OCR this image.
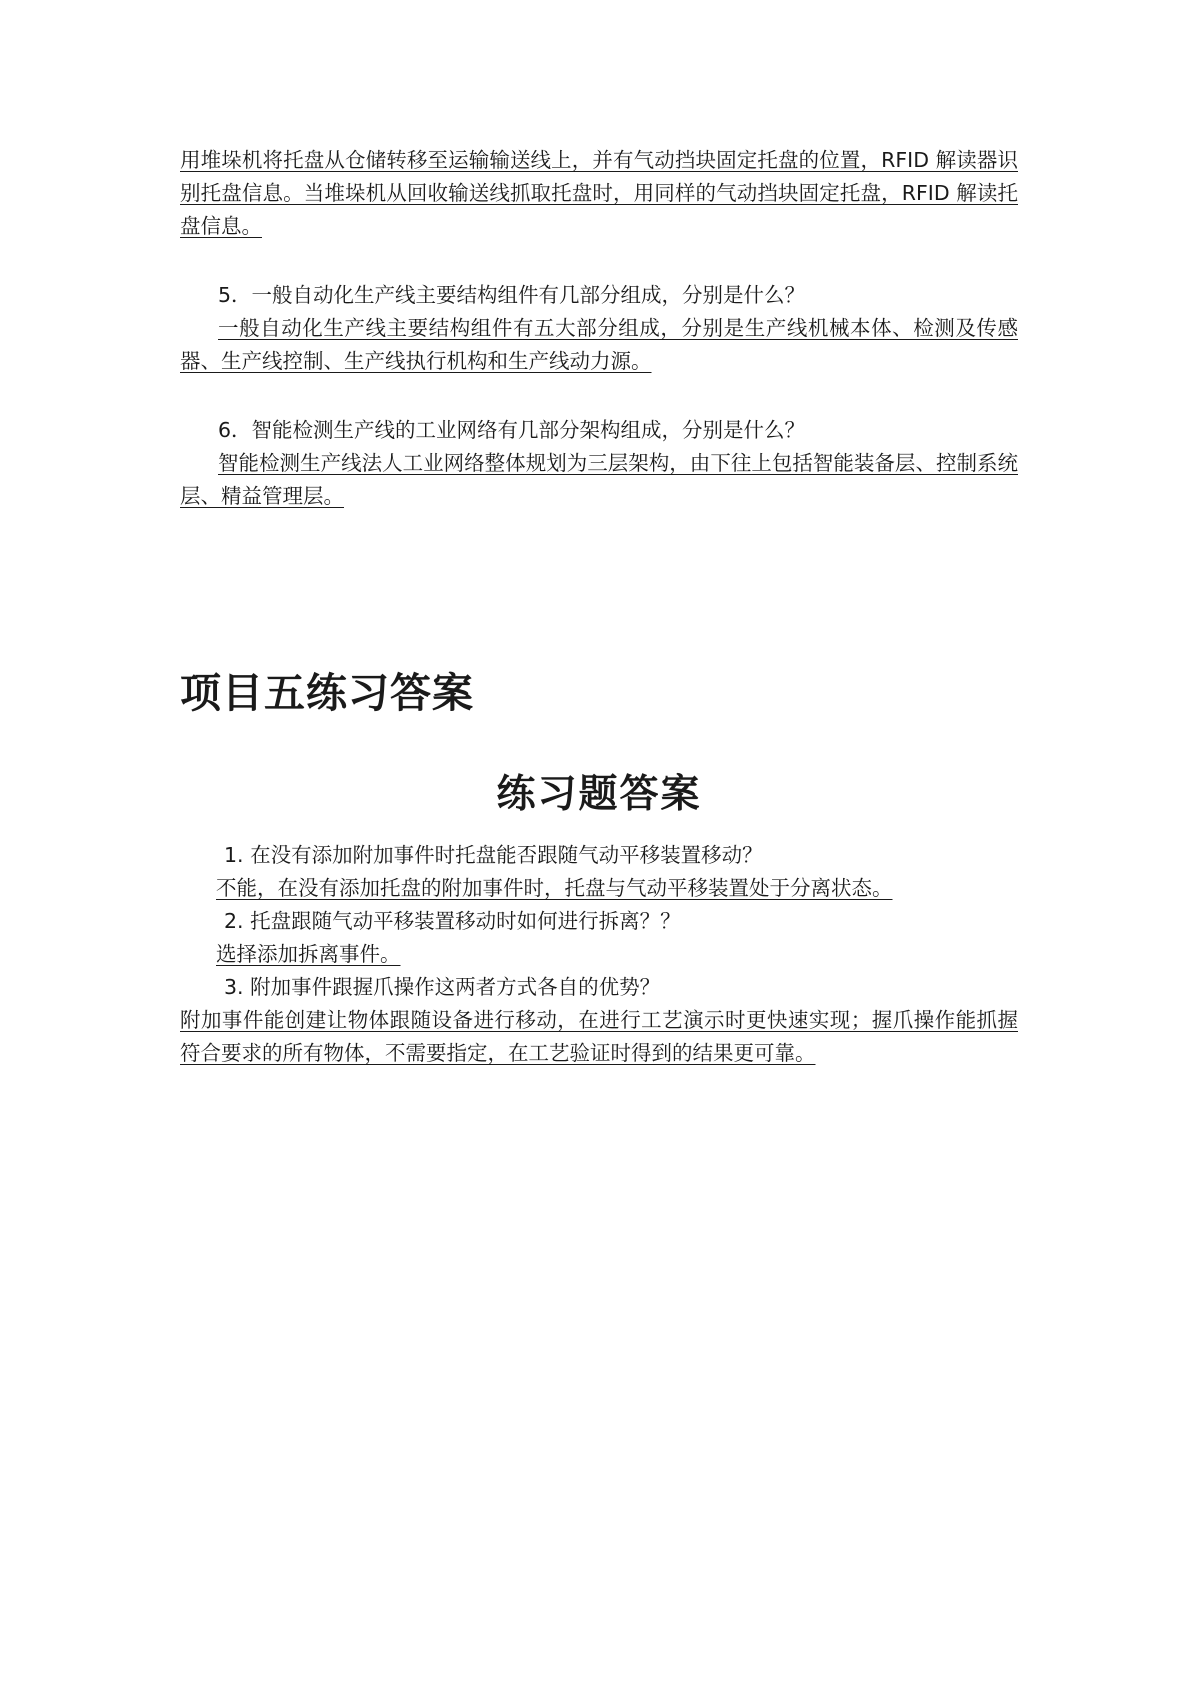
用堆垛机将托盘从仓储转移至运输输送线上，并有气动挡块固定托盘的位置，RFID 解读器识别托盘信息。当堆垛机从回收输送线抓取托盘时，用同样的气动挡块固定托盘，RFID 解读托盘信息。

5．一般自动化生产线主要结构组件有几部分组成，分别是什么？

一般自动化生产线主要结构组件有五大部分组成，分别是生产线机械本体、检测及传感器、生产线控制、生产线执行机构和生产线动力源。

6．智能检测生产线的工业网络有几部分架构组成，分别是什么？

智能检测生产线法人工业网络整体规划为三层架构，由下往上包括智能装备层、控制系统层、精益管理层。

项目五练习答案
练习题答案

1. 在没有添加附加事件时托盘能否跟随气动平移装置移动？

不能，在没有添加托盘的附加事件时，托盘与气动平移装置处于分离状态。

2. 托盘跟随气动平移装置移动时如何进行拆离？？

选择添加拆离事件。

3. 附加事件跟握爪操作这两者方式各自的优势？

附加事件能创建让物体跟随设备进行移动，在进行工艺演示时更快速实现；握爪操作能抓握符合要求的所有物体，不需要指定，在工艺验证时得到的结果更可靠。
